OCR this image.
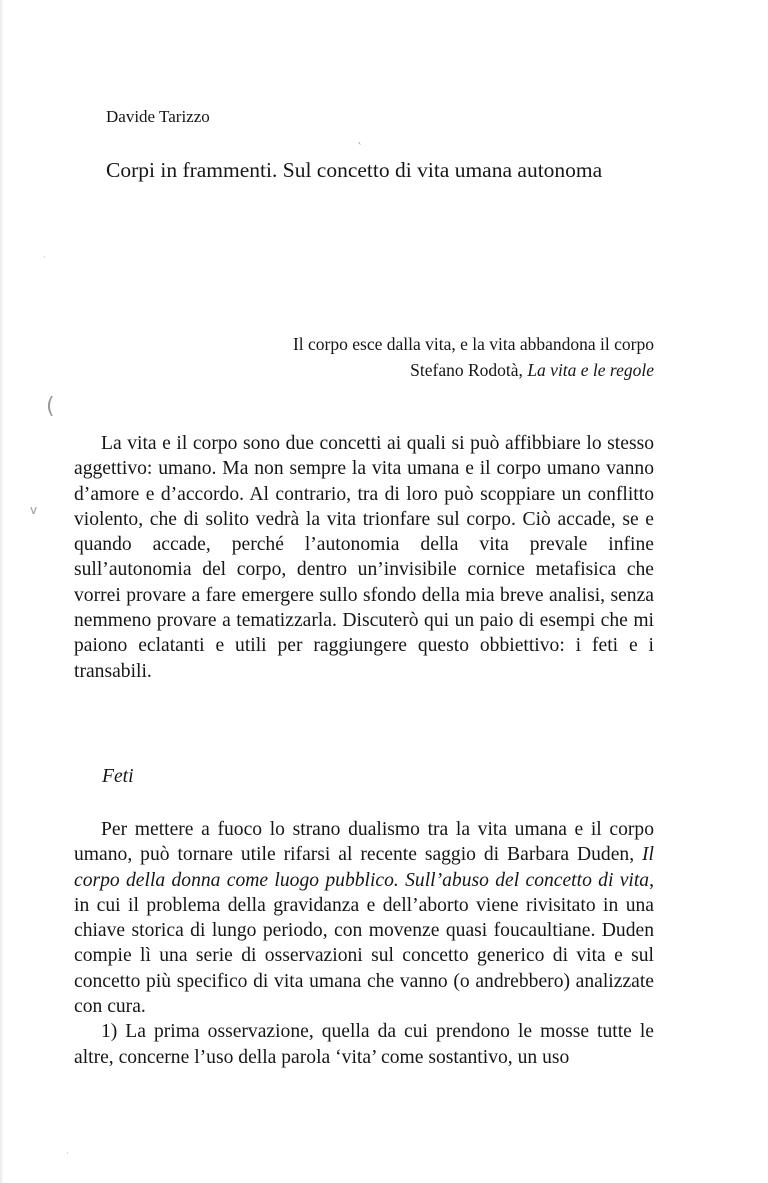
Davide Tarizzo
Corpi in frammenti. Sul concetto di vita umana autonoma
Il corpo esce dalla vita, e la vita abbandona il corpo
Stefano Rodotà, La vita e le regole

La vita e il corpo sono due concetti ai quali si può affibbiare lo stesso aggettivo: umano. Ma non sempre la vita umana e il corpo umano vanno d’amore e d’accordo. Al contrario, tra di loro può scoppiare un conflitto violento, che di solito vedrà la vita trionfare sul corpo. Ciò accade, se e quando accade, perché l’autonomia della vita prevale infine sull’autonomia del corpo, dentro un’invisibile cornice metafisica che vorrei provare a fare emergere sullo sfondo della mia breve analisi, senza nemmeno provare a tematizzarla. Discuterò qui un paio di esempi che mi paiono eclatanti e utili per raggiungere questo obbiettivo: i feti e i transabili.

Feti

Per mettere a fuoco lo strano dualismo tra la vita umana e il corpo umano, può tornare utile rifarsi al recente saggio di Barbara Duden, Il corpo della donna come luogo pubblico. Sull’abuso del concetto di vita, in cui il problema della gravidanza e dell’aborto viene rivisitato in una chiave storica di lungo periodo, con movenze quasi foucaultiane. Duden compie lì una serie di osservazioni sul concetto generico di vita e sul concetto più specifico di vita umana che vanno (o andrebbero) analizzate con cura.

1) La prima osservazione, quella da cui prendono le mosse tutte le altre, concerne l’uso della parola ‘vita’ come sostantivo, un uso

ˋ
·
(
v
·
